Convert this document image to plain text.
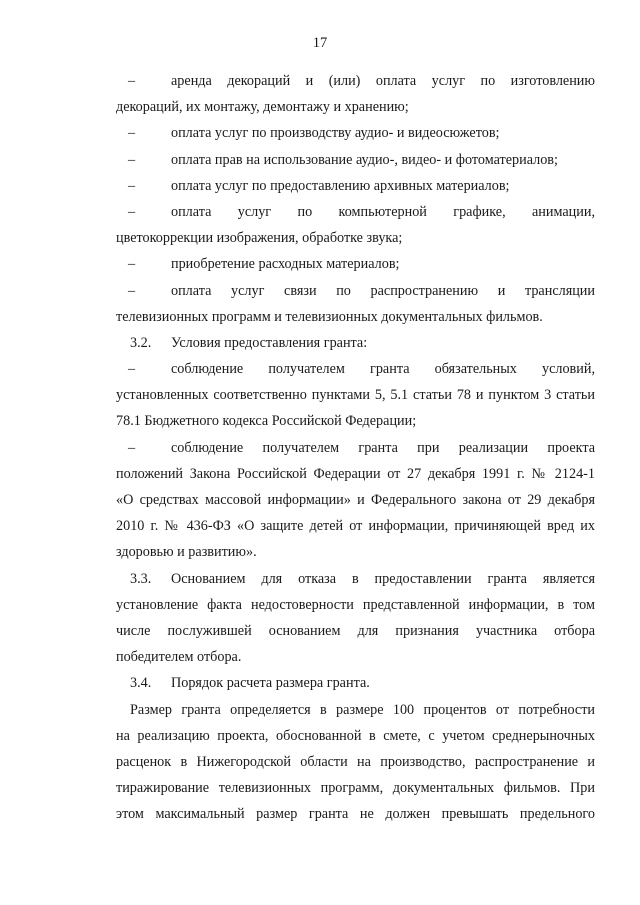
17
–	аренда декораций и (или) оплата услуг по изготовлению
декораций, их монтажу, демонтажу и хранению;
–	оплата услуг по производству аудио- и видеосюжетов;
–	оплата прав на использование аудио-, видео- и фотоматериалов;
–	оплата услуг по предоставлению архивных материалов;
–	оплата услуг по компьютерной графике, анимации,
цветокоррекции изображения, обработке звука;
–	приобретение расходных материалов;
–	оплата услуг связи по распространению и трансляции
телевизионных программ и телевизионных документальных фильмов.
3.2.	Условия предоставления гранта:
–	соблюдение получателем гранта обязательных условий,
установленных соответственно пунктами 5, 5.1 статьи 78 и пунктом 3 статьи
78.1 Бюджетного кодекса Российской Федерации;
–	соблюдение получателем гранта при реализации проекта
положений Закона Российской Федерации от 27 декабря 1991 г. № 2124-1
«О средствах массовой информации» и Федерального закона от 29 декабря
2010 г. № 436-ФЗ «О защите детей от информации, причиняющей вред их
здоровью и развитию».
3.3.	Основанием для отказа в предоставлении гранта является
установление факта недостоверности представленной информации, в том
числе послужившей основанием для признания участника отбора
победителем отбора.
3.4.	Порядок расчета размера гранта.
Размер гранта определяется в размере 100 процентов от потребности
на реализацию проекта, обоснованной в смете, с учетом среднерыночных
расценок в Нижегородской области на производство, распространение и
тиражирование телевизионных программ, документальных фильмов. При
этом максимальный размер гранта не должен превышать предельного
